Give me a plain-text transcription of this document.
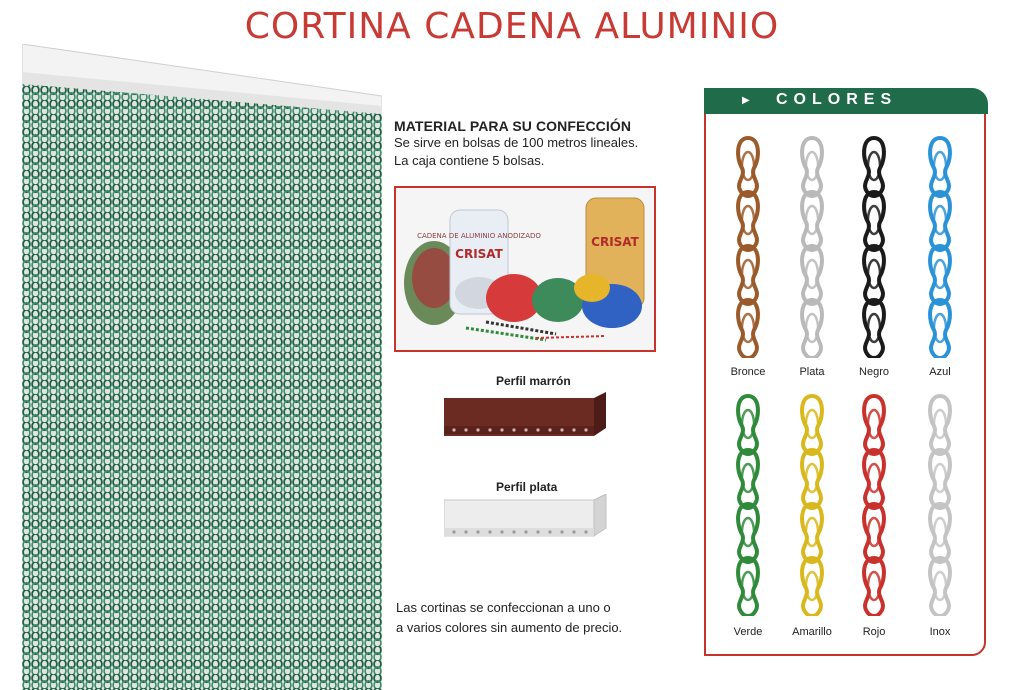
CORTINA CADENA ALUMINIO
MATERIAL PARA SU CONFECCIÓN
Se sirve en bolsas de 100 metros lineales.
La caja contiene 5 bolsas.
CADENA DE ALUMINIO ANODIZADO
CRISAT
CRISAT
Perfil marrón
Perfil plata
Las cortinas se confeccionan a uno o
a varios colores sin aumento de precio.
▶ COLORES
Bronce	Plata	Negro	Azul
Verde	Amarillo	Rojo	Inox
